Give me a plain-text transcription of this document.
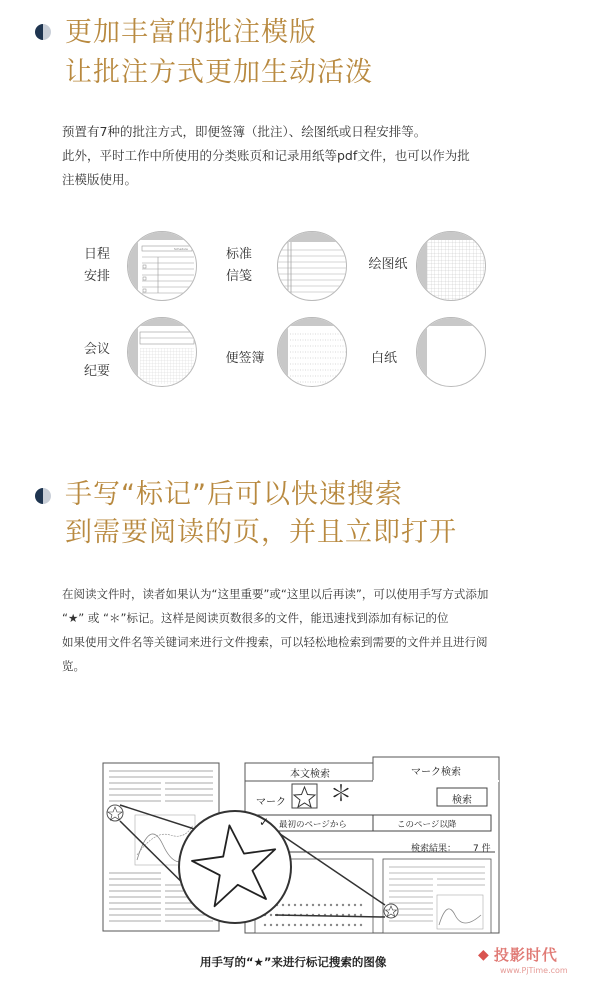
更加丰富的批注模版
让批注方式更加生动活泼
预置有7种的批注方式，即便签簿（批注）、绘图纸或日程安排等。
此外，平时工作中所使用的分类账页和记录用纸等pdf文件，也可以作为批
注模版使用。
日程
安排
Schedule	标准
信笺
绘图纸
会议
纪要
便签簿	白纸
手写“标记”后可以快速搜索
到需要阅读的页，并且立即打开
在阅读文件时，读者如果认为“这里重要”或“这里以后再读”，可以使用手写方式添加
“★” 或 “＊”标记。这样是阅读页数很多的文件，能迅速找到添加有标记的位
如果使用文件名等关键词来进行文件搜索，可以轻松地检索到需要的文件并且进行阅
览。
本文検索	マーク検索
マーク ＊	検索
✓ 最初のページから	このページ以降
検索結果： 7 件
用手写的“★”来进行标记搜索的图像	◆ 投影时代
www.PjTime.com
